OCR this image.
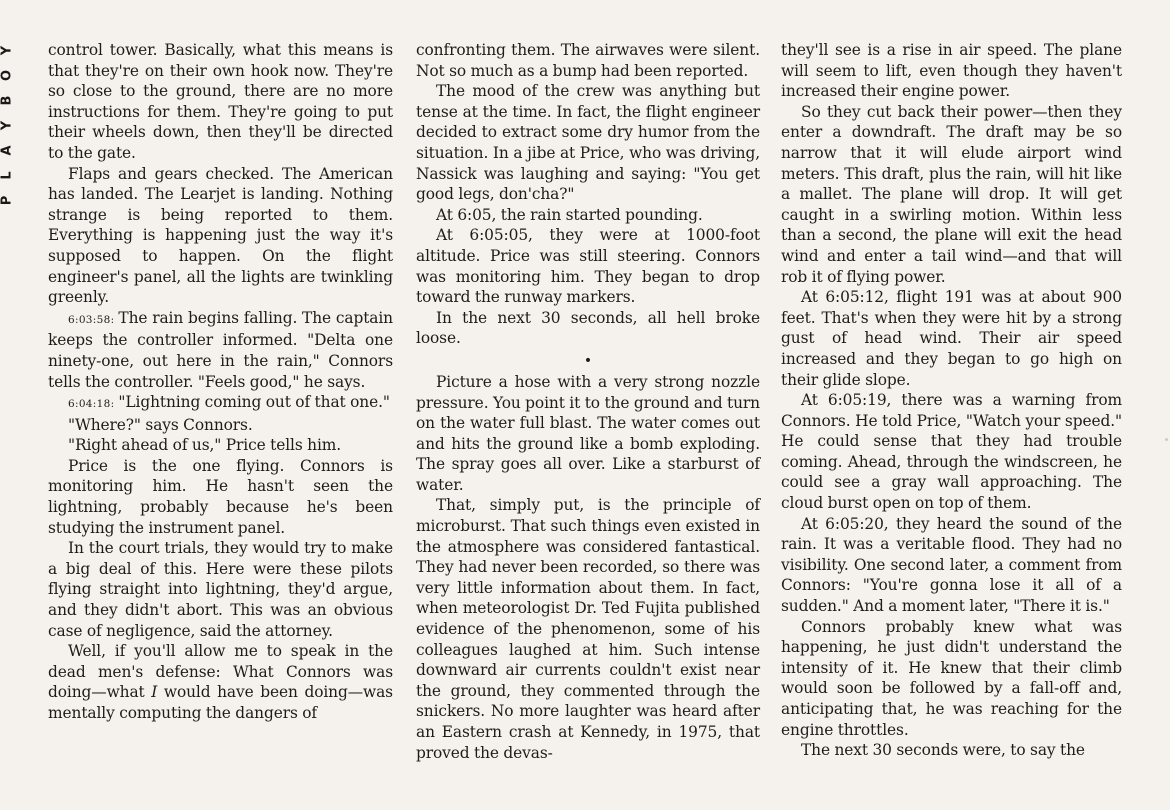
Y
O
B
Y
A
L
P

control tower. Basically, what this means is that they're on their own hook now. They're so close to the ground, there are no more instructions for them. They're going to put their wheels down, then they'll be directed to the gate.

Flaps and gears checked. The American has landed. The Learjet is landing. Nothing strange is being reported to them. Everything is happening just the way it's supposed to happen. On the flight engineer's panel, all the lights are twinkling greenly.

6:03:58: The rain begins falling. The captain keeps the controller informed. "Delta one ninety-one, out here in the rain," Connors tells the controller. "Feels good," he says.

6:04:18: "Lightning coming out of that one."

"Where?" says Connors.

"Right ahead of us," Price tells him.

Price is the one flying. Connors is monitoring him. He hasn't seen the lightning, probably because he's been studying the instrument panel.

In the court trials, they would try to make a big deal of this. Here were these pilots flying straight into lightning, they'd argue, and they didn't abort. This was an obvious case of negligence, said the attorney.

Well, if you'll allow me to speak in the dead men's defense: What Connors was doing—what I would have been doing—was mentally computing the dangers of

confronting them. The airwaves were silent. Not so much as a bump had been reported.

The mood of the crew was anything but tense at the time. In fact, the flight engineer decided to extract some dry humor from the situation. In a jibe at Price, who was driving, Nassick was laughing and saying: "You get good legs, don'cha?"

At 6:05, the rain started pounding.

At 6:05:05, they were at 1000-foot altitude. Price was still steering. Connors was monitoring him. They began to drop toward the runway markers.

In the next 30 seconds, all hell broke loose.

•

Picture a hose with a very strong nozzle pressure. You point it to the ground and turn on the water full blast. The water comes out and hits the ground like a bomb exploding. The spray goes all over. Like a starburst of water.

That, simply put, is the principle of microburst. That such things even existed in the atmosphere was considered fantastical. They had never been recorded, so there was very little information about them. In fact, when meteorologist Dr. Ted Fujita published evidence of the phenomenon, some of his colleagues laughed at him. Such intense downward air currents couldn't exist near the ground, they commented through the snickers. No more laughter was heard after an Eastern crash at Kennedy, in 1975, that proved the devas-

they'll see is a rise in air speed. The plane will seem to lift, even though they haven't increased their engine power.

So they cut back their power—then they enter a downdraft. The draft may be so narrow that it will elude airport wind meters. This draft, plus the rain, will hit like a mallet. The plane will drop. It will get caught in a swirling motion. Within less than a second, the plane will exit the head wind and enter a tail wind—and that will rob it of flying power.

At 6:05:12, flight 191 was at about 900 feet. That's when they were hit by a strong gust of head wind. Their air speed increased and they began to go high on their glide slope.

At 6:05:19, there was a warning from Connors. He told Price, "Watch your speed." He could sense that they had trouble coming. Ahead, through the windscreen, he could see a gray wall approaching. The cloud burst open on top of them.

At 6:05:20, they heard the sound of the rain. It was a veritable flood. They had no visibility. One second later, a comment from Connors: "You're gonna lose it all of a sudden." And a moment later, "There it is."

Connors probably knew what was happening, he just didn't understand the intensity of it. He knew that their climb would soon be followed by a fall-off and, anticipating that, he was reaching for the engine throttles.

The next 30 seconds were, to say the
